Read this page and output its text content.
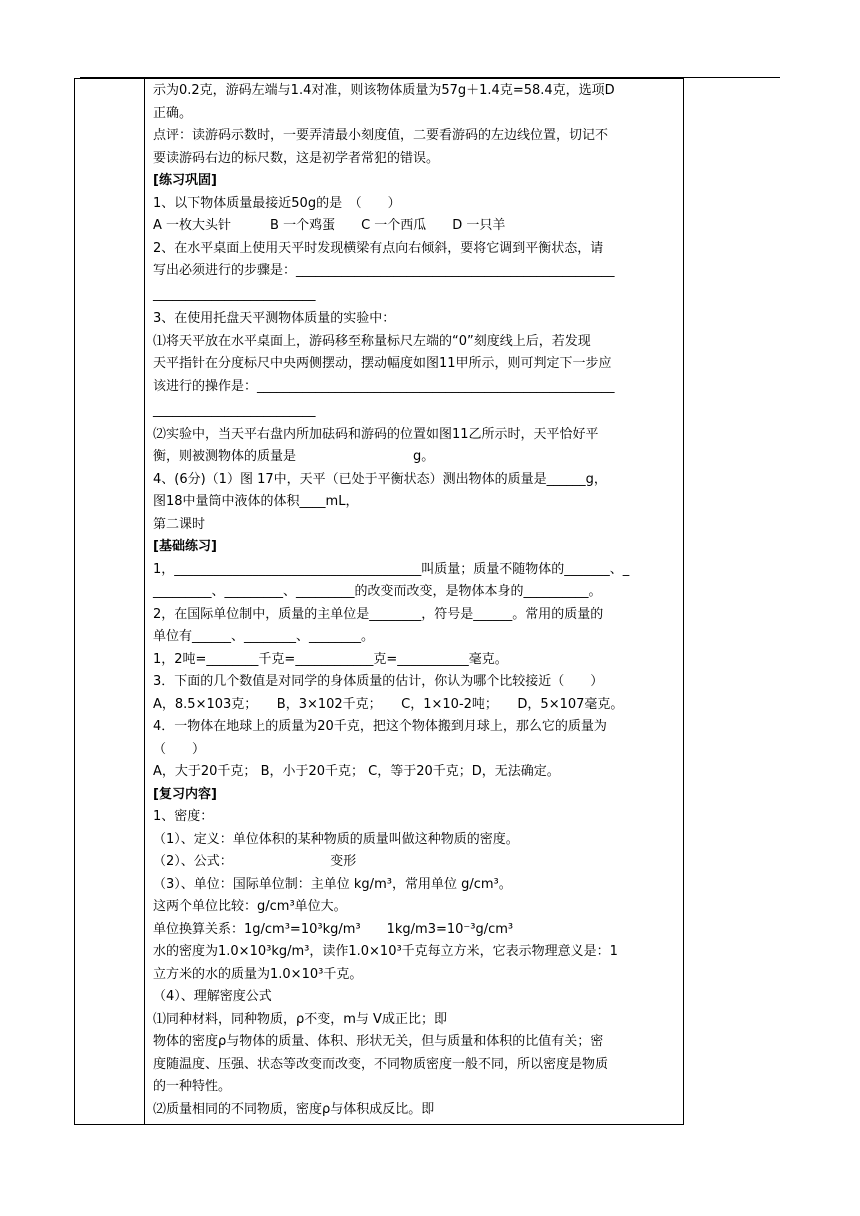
示为0.2克，游码左端与1.4对准，则该物体质量为57g＋1.4克=58.4克，选项D
正确。
点评：读游码示数时，一要弄清最小刻度值，二要看游码的左边线位置，切记不
要读游码右边的标尺数，这是初学者常犯的错误。
[练习巩固]
1、以下物体质量最接近50g的是　（　　）
A 一枚大头针　　　B 一个鸡蛋　　C 一个西瓜　　D 一只羊
2、在水平桌面上使用天平时发现横梁有点向右倾斜，要将它调到平衡状态，请
写出必须进行的步骤是：_________________________________________________
_________________________
3、在使用托盘天平测物体质量的实验中：
⑴将天平放在水平桌面上，游码移至称量标尺左端的“0”刻度线上后，若发现
天平指针在分度标尺中央两侧摆动，摆动幅度如图11甲所示，则可判定下一步应
该进行的操作是：_______________________________________________________
_________________________
⑵实验中，当天平右盘内所加砝码和游码的位置如图11乙所示时，天平恰好平
衡，则被测物体的质量是　　　　　　　　　g。
4、(6分)（1）图 17中，天平（已处于平衡状态）测出物体的质量是______g，
图18中量筒中液体的体积____mL，
第二课时
[基础练习]
1，______________________________________叫质量；质量不随物体的_______、_
_________、_________、_________的改变而改变，是物体本身的__________。
2，在国际单位制中，质量的主单位是________，符号是______。常用的质量的
单位有______、________、________。
1，2吨=________千克=____________克=___________毫克。
3．下面的几个数值是对同学的身体质量的估计，你认为哪个比较接近（　　）
A，8.5×103克；　　B，3×102千克；　　C，1×10-2吨；　　D，5×107毫克。
4．一物体在地球上的质量为20千克，把这个物体搬到月球上，那么它的质量为
（　　）
A，大于20千克； B，小于20千克； C，等于20千克；D，无法确定。
[复习内容]
1、密度：
（1）、定义：单位体积的某种物质的质量叫做这种物质的密度。
（2）、公式：　　　　　　　　变形
（3）、单位：国际单位制：主单位 kg/m³，常用单位 g/cm³。
这两个单位比较：g/cm³单位大。
单位换算关系：1g/cm³=10³kg/m³　　1kg/m3=10⁻³g/cm³
水的密度为1.0×10³kg/m³，读作1.0×10³千克每立方米，它表示物理意义是：1
立方米的水的质量为1.0×10³千克。
（4）、理解密度公式
⑴同种材料，同种物质，ρ不变，m与 V成正比；即
物体的密度ρ与物体的质量、体积、形状无关，但与质量和体积的比值有关；密
度随温度、压强、状态等改变而改变，不同物质密度一般不同，所以密度是物质
的一种特性。
⑵质量相同的不同物质，密度ρ与体积成反比。即
